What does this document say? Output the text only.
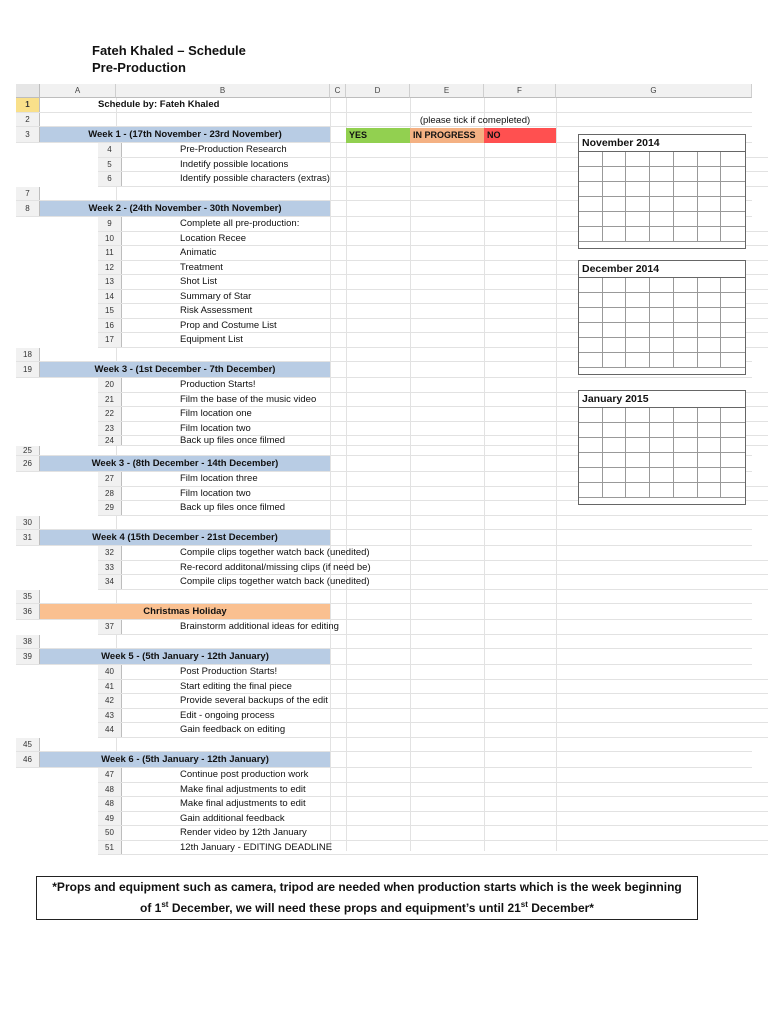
Fateh Khaled – Schedule
Pre-Production
A	B	C	D	E	F	G
1	Schedule by: Fateh Khaled
2
3	Week 1 - (17th November - 23rd November)
4	Pre-Production Research
5	Indetify possible locations
6	Identify possible characters (extras)
7
8	Week 2 - (24th November - 30th November)
9	Complete all pre-production:
10	Location Recee
11	Animatic
12	Treatment
13	Shot List
14	Summary of Star
15	Risk Assessment
16	Prop and Costume List
17	Equipment List
18
19	Week 3 - (1st December - 7th December)
20	Production Starts!
21	Film the base of the music video
22	Film location one
23	Film location two
24	Back up files once filmed
25
26	Week 3 - (8th December - 14th December)
27	Film location three
28	Film location two
29	Back up files once filmed
30
31	Week 4 (15th December - 21st December)
32	Compile clips together watch back (unedited)
33	Re-record additonal/missing clips (if need be)
34	Compile clips together watch back (unedited)
35
36	Christmas Holiday
37	Brainstorm additional ideas for editing
38
39	Week 5 - (5th January - 12th January)
40	Post Production Starts!
41	Start editing the final piece
42	Provide several backups of the edit
43	Edit - ongoing process
44	Gain feedback on editing
45
46	Week 6 - (5th January - 12th January)
47	Continue post production work
48	Make final adjustments to edit
48	Make final adjustments to edit
49	Gain additional feedback
50	Render video by 12th January
51	12th January - EDITING DEADLINE
(please tick if comepleted)
YES	IN PROGRESS	NO
November 2014
December 2014
January 2015
*Props and equipment such as camera, tripod are needed when production starts which is the week beginning
of 1st December, we will need these props and equipment’s until 21st December*
